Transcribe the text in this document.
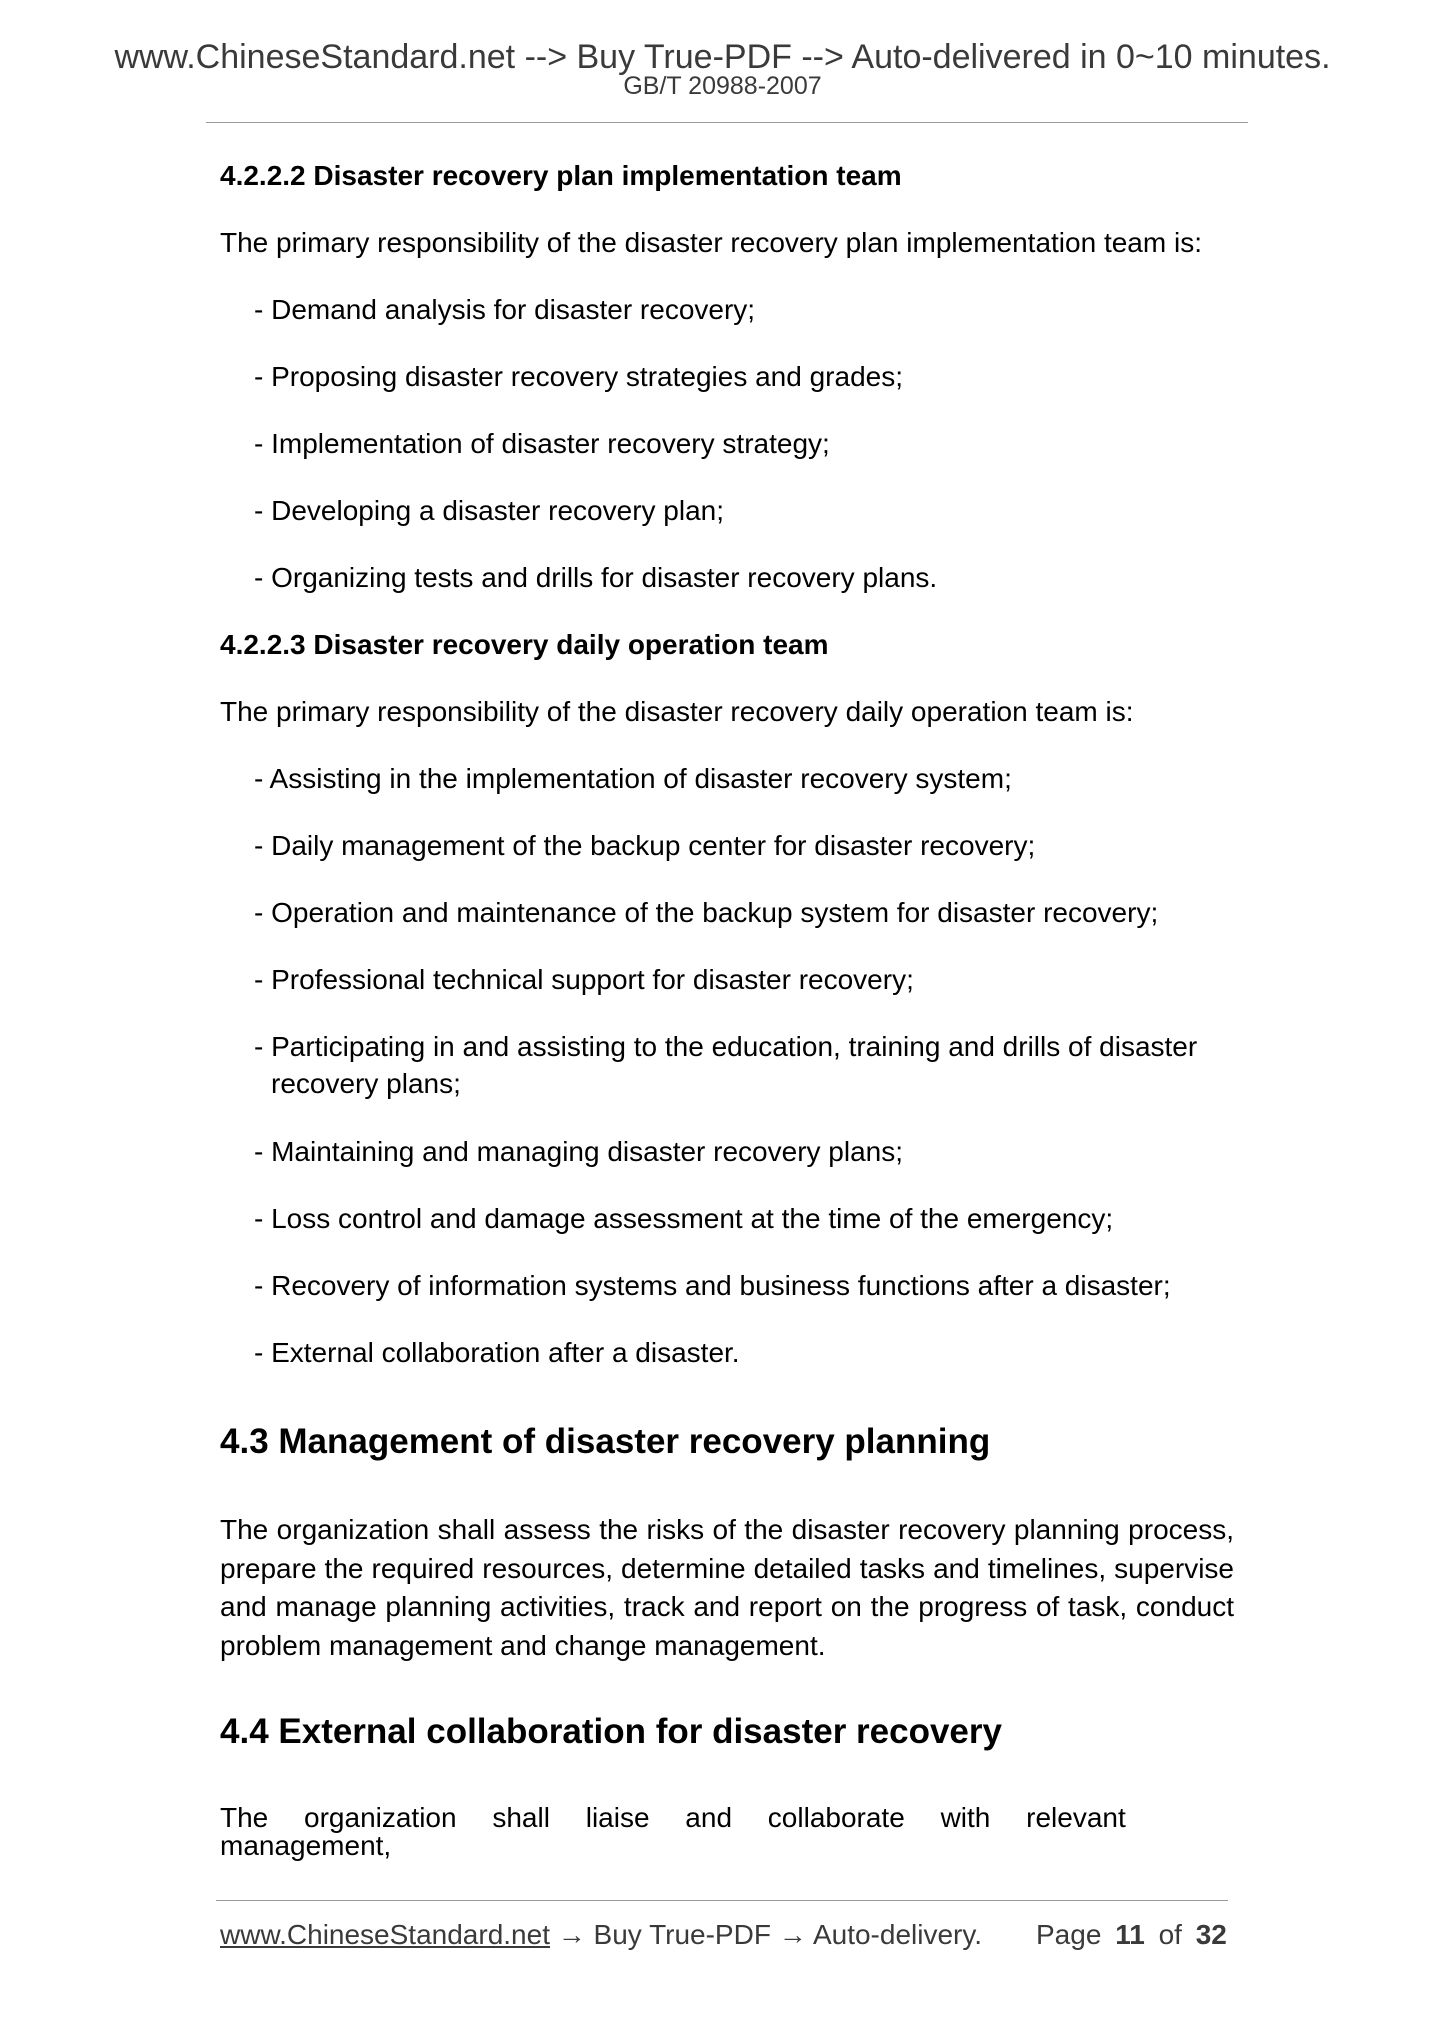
www.ChineseStandard.net --> Buy True-PDF --> Auto-delivered in 0~10 minutes.
GB/T 20988-2007
4.2.2.2 Disaster recovery plan implementation team
The primary responsibility of the disaster recovery plan implementation team is:
- Demand analysis for disaster recovery;
- Proposing disaster recovery strategies and grades;
- Implementation of disaster recovery strategy;
- Developing a disaster recovery plan;
- Organizing tests and drills for disaster recovery plans.
4.2.2.3 Disaster recovery daily operation team
The primary responsibility of the disaster recovery daily operation team is:
- Assisting in the implementation of disaster recovery system;
- Daily management of the backup center for disaster recovery;
- Operation and maintenance of the backup system for disaster recovery;
- Professional technical support for disaster recovery;
- Participating in and assisting to the education, training and drills of disaster
recovery plans;
- Maintaining and managing disaster recovery plans;
- Loss control and damage assessment at the time of the emergency;
- Recovery of information systems and business functions after a disaster;
- External collaboration after a disaster.
4.3 Management of disaster recovery planning
The organization shall assess the risks of the disaster recovery planning process, prepare the required resources, determine detailed tasks and timelines, supervise and manage planning activities, track and report on the progress of task, conduct problem management and change management.
4.4 External collaboration for disaster recovery
The organization shall liaise and collaborate with relevant management,
www.ChineseStandard.net → Buy True-PDF → Auto-delivery. Page 11 of 32
